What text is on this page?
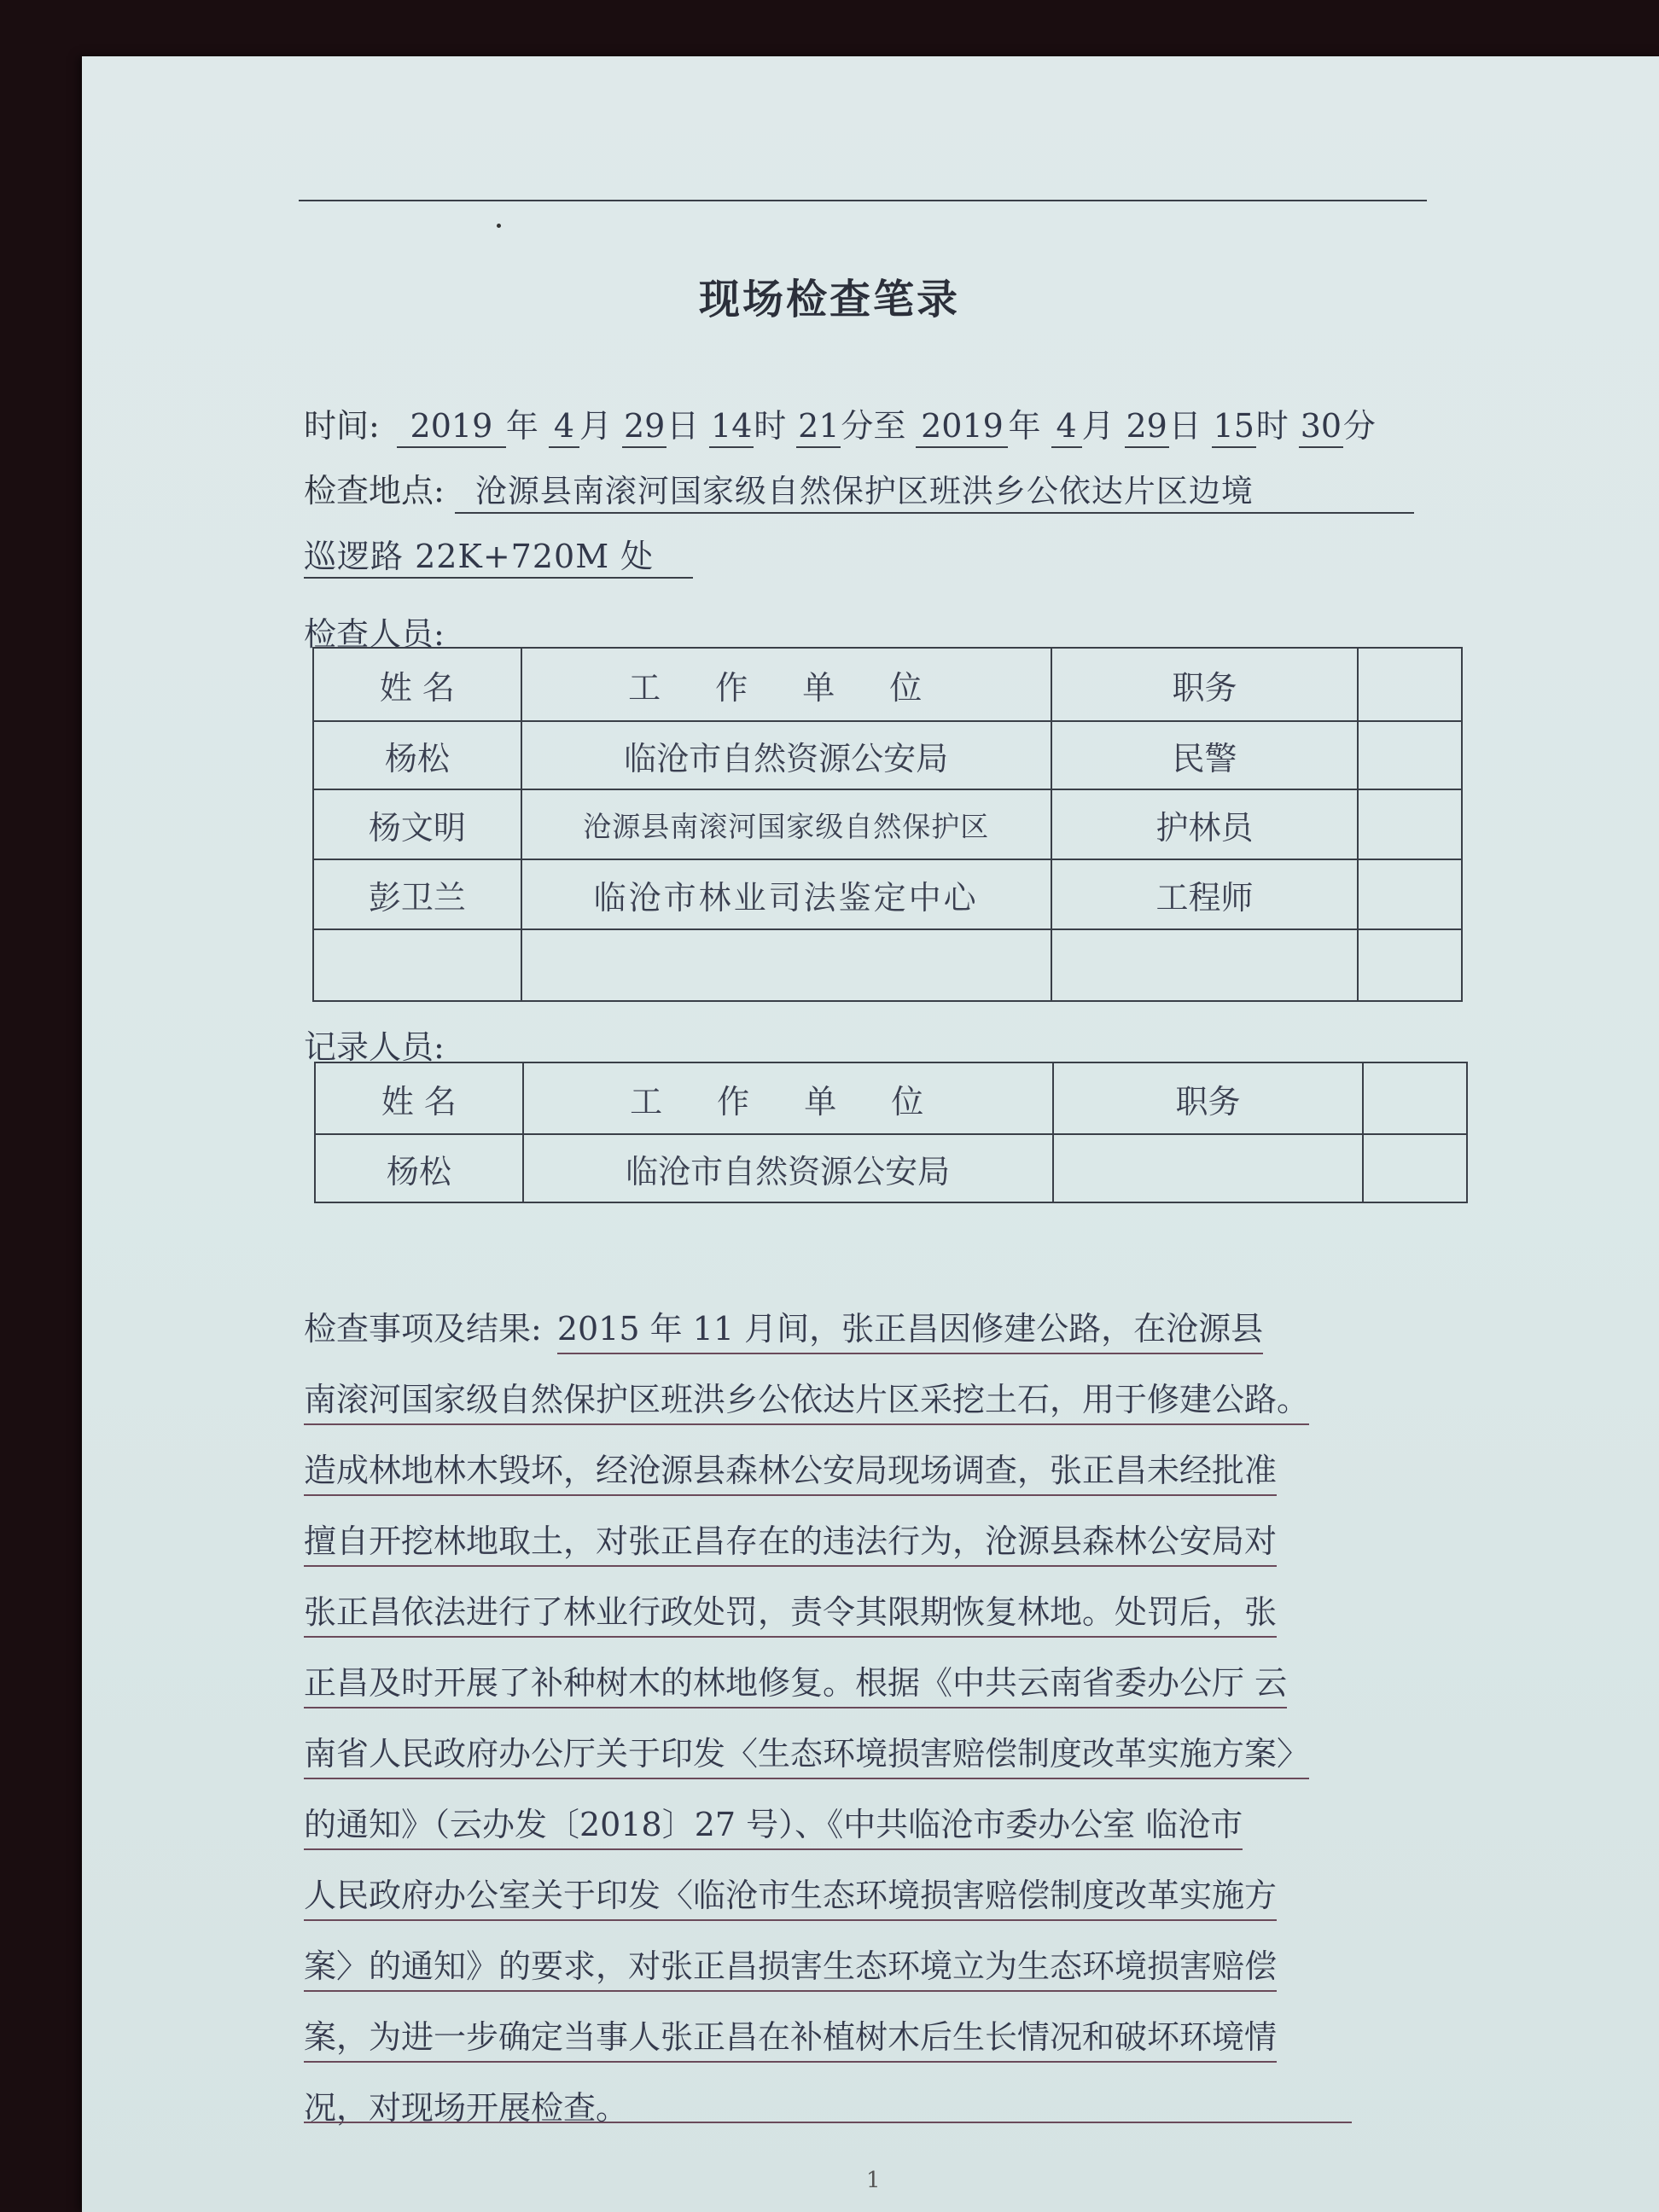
现场检查笔录
时间: 2019 年 4 月 29日 14时 21分至 2019 年 4 月 29日 15时 30分
检查地点: 沧源县南滚河国家级自然保护区班洪乡公依达片区边境
巡逻路 22K+720M 处
检查人员:
姓 名	工 作 单 位	职务	
杨松	临沧市自然资源公安局	民警	
杨文明	沧源县南滚河国家级自然保护区	护林员	
彭卫兰	临沧市林业司法鉴定中心	工程师	

记录人员:
姓 名	工 作 单 位	职务	
杨松	临沧市自然资源公安局		
检查事项及结果: 2015 年 11 月间，张正昌因修建公路，在沧源县
南滚河国家级自然保护区班洪乡公依达片区采挖土石，用于修建公路。
造成林地林木毁坏，经沧源县森林公安局现场调查，张正昌未经批准
擅自开挖林地取土，对张正昌存在的违法行为，沧源县森林公安局对
张正昌依法进行了林业行政处罚，责令其限期恢复林地。处罚后，张
正昌及时开展了补种树木的林地修复。根据《中共云南省委办公厅 云
南省人民政府办公厅关于印发〈生态环境损害赔偿制度改革实施方案〉
的通知》（云办发〔2018〕27 号）、《中共临沧市委办公室 临沧市
人民政府办公室关于印发〈临沧市生态环境损害赔偿制度改革实施方
案〉的通知》的要求，对张正昌损害生态环境立为生态环境损害赔偿
案，为进一步确定当事人张正昌在补植树木后生长情况和破坏环境情
况，对现场开展检查。
1
